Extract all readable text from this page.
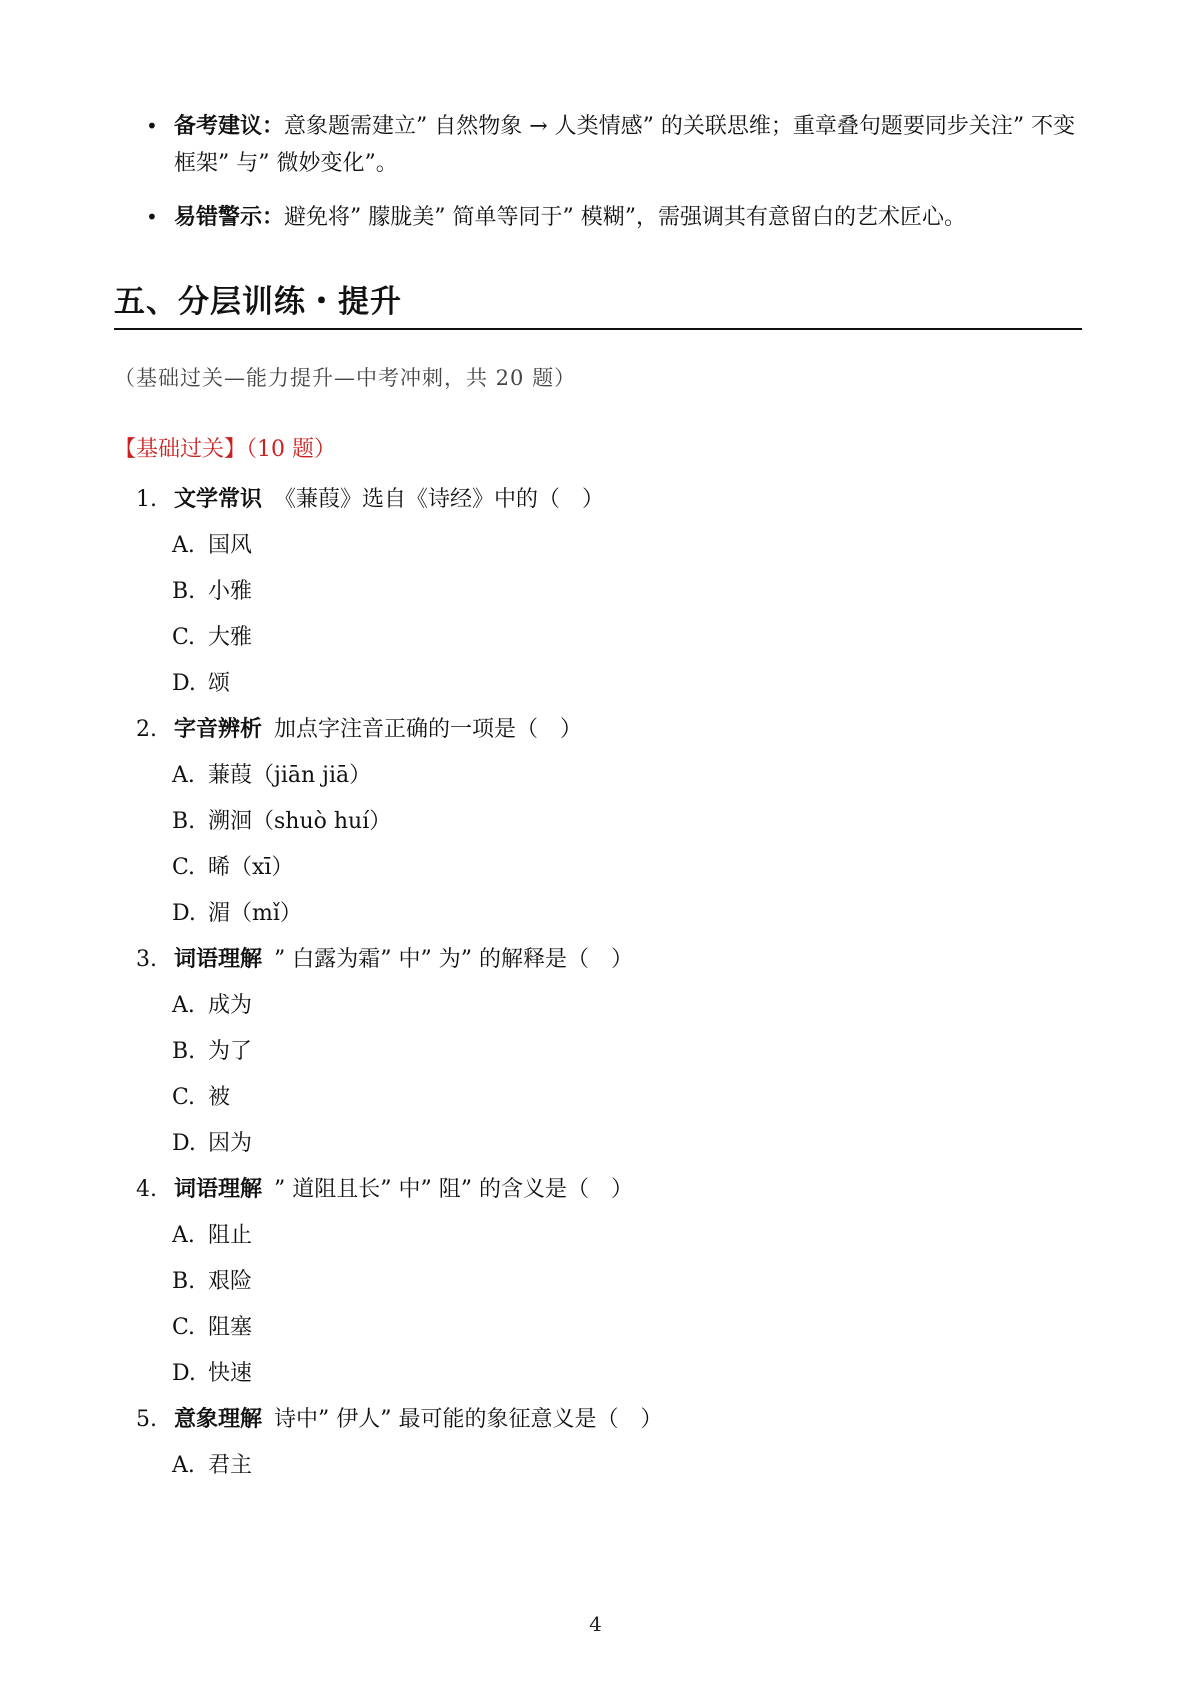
• 备考建议：意象题需建立” 自然物象 → 人类情感” 的关联思维；重章叠句题要同步关注” 不变框架” 与” 微妙变化”。
• 易错警示：避免将” 朦胧美” 简单等同于” 模糊”，需强调其有意留白的艺术匠心。
五、分层训练・提升
（基础过关—能力提升—中考冲刺，共 20 题）
【基础过关】（10 题）
1. 文学常识 《蒹葭》选自《诗经》中的（　）
A. 国风
B. 小雅
C. 大雅
D. 颂
2. 字音辨析 加点字注音正确的一项是（　）
A. 蒹葭（jiān jiā）
B. 溯洄（shuò huí）
C. 晞（xī）
D. 湄（mǐ）
3. 词语理解 ” 白露为霜” 中” 为” 的解释是（　）
A. 成为
B. 为了
C. 被
D. 因为
4. 词语理解 ” 道阻且长” 中” 阻” 的含义是（　）
A. 阻止
B. 艰险
C. 阻塞
D. 快速
5. 意象理解 诗中” 伊人” 最可能的象征意义是（　）
A. 君主
4
